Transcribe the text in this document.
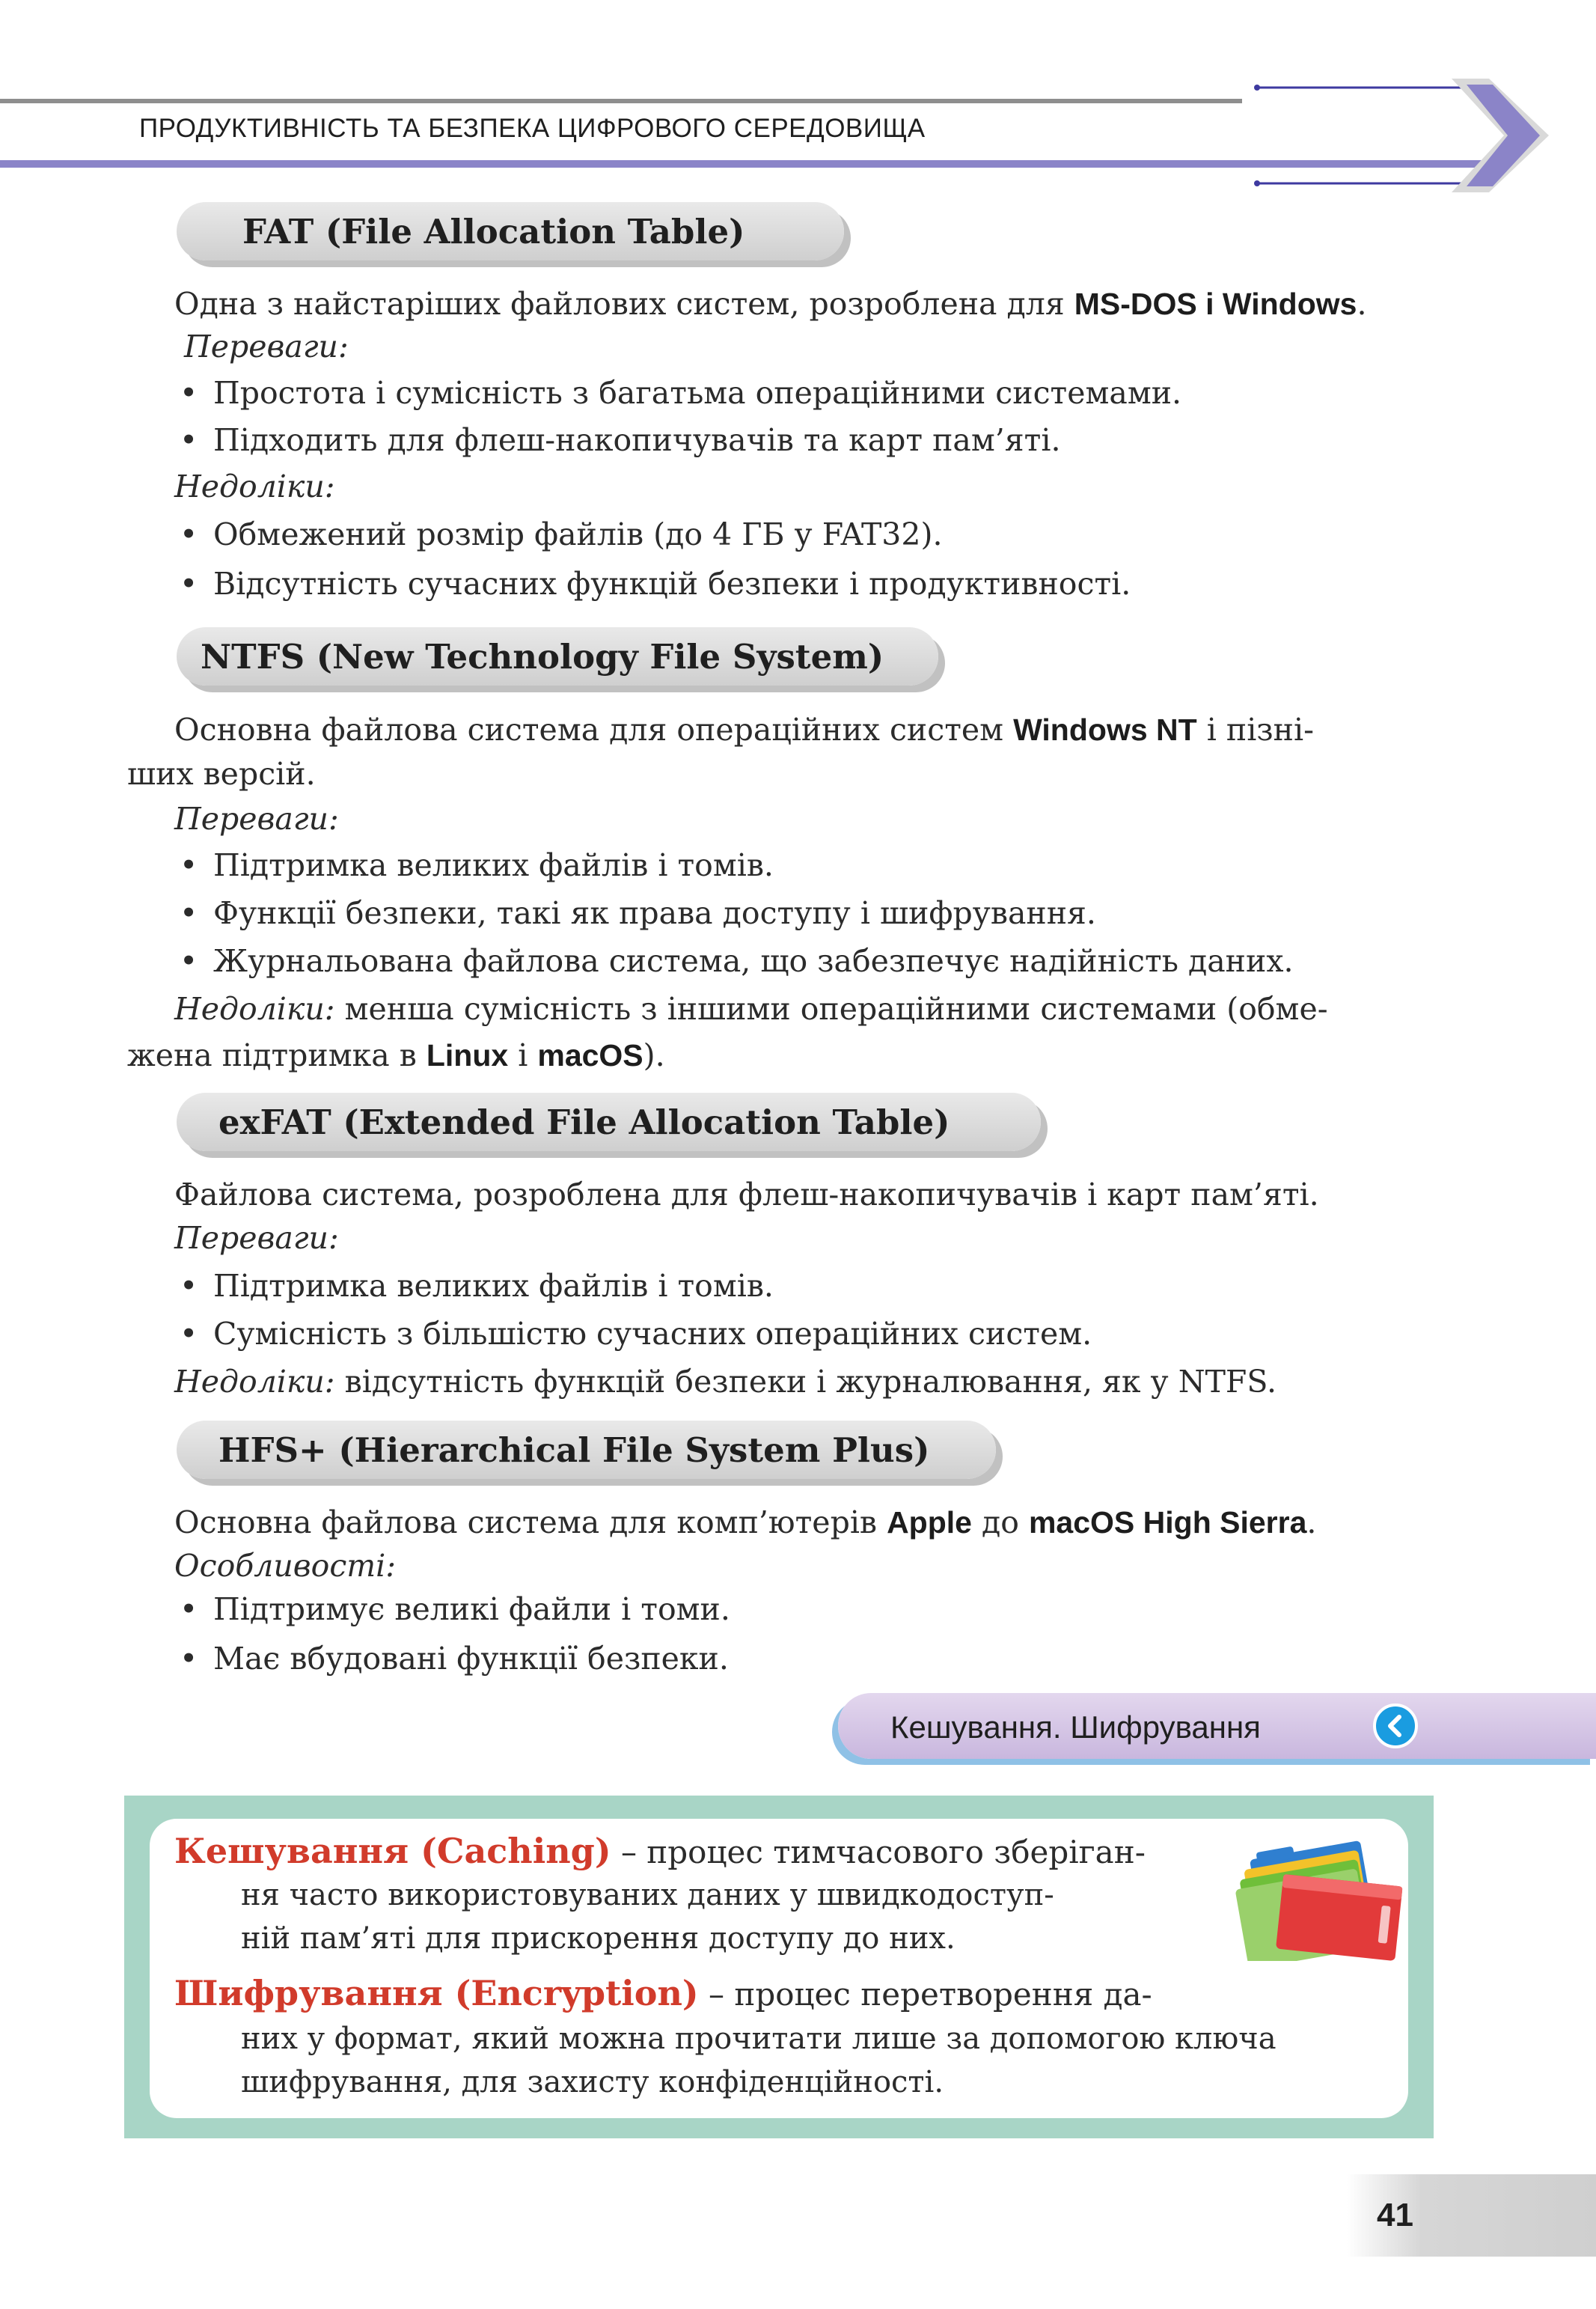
ПРОДУКТИВНІСТЬ ТА БЕЗПЕКА ЦИФРОВОГО СЕРЕДОВИЩА
FAT (File Allocation Table)
Одна з найстаріших файлових систем, розроблена для MS-DOS і Windows.
Переваги:
• Простота і сумісність з багатьма операційними системами.
• Підходить для флеш-накопичувачів та карт пам’яті.
Недоліки:
• Обмежений розмір файлів (до 4 ГБ у FAT32).
• Відсутність сучасних функцій безпеки і продуктивності.
NTFS (New Technology File System)
Основна файлова система для операційних систем Windows NT і пізні-
ших версій.
Переваги:
• Підтримка великих файлів і томів.
• Функції безпеки, такі як права доступу і шифрування.
• Журнальована файлова система, що забезпечує надійність даних.
Недоліки: менша сумісність з іншими операційними системами (обме-
жена підтримка в Linux і macOS).
exFAT (Extended File Allocation Table)
Файлова система, розроблена для флеш-накопичувачів і карт пам’яті.
Переваги:
• Підтримка великих файлів і томів.
• Сумісність з більшістю сучасних операційних систем.
Недоліки: відсутність функцій безпеки і журналювання, як у NTFS.
HFS+ (Hierarchical File System Plus)
Основна файлова система для комп’ютерів Apple до macOS High Sierra.
Особливості:
• Підтримує великі файли і томи.
• Має вбудовані функції безпеки.
Кешування. Шифрування
Кешування (Caching) – процес тимчасового зберіган-
ня часто використовуваних даних у швидкодоступ-
ній пам’яті для прискорення доступу до них.
Шифрування (Encryption) – процес перетворення да-
них у формат, який можна прочитати лише за допомогою ключа
шифрування, для захисту конфіденційності.
41
